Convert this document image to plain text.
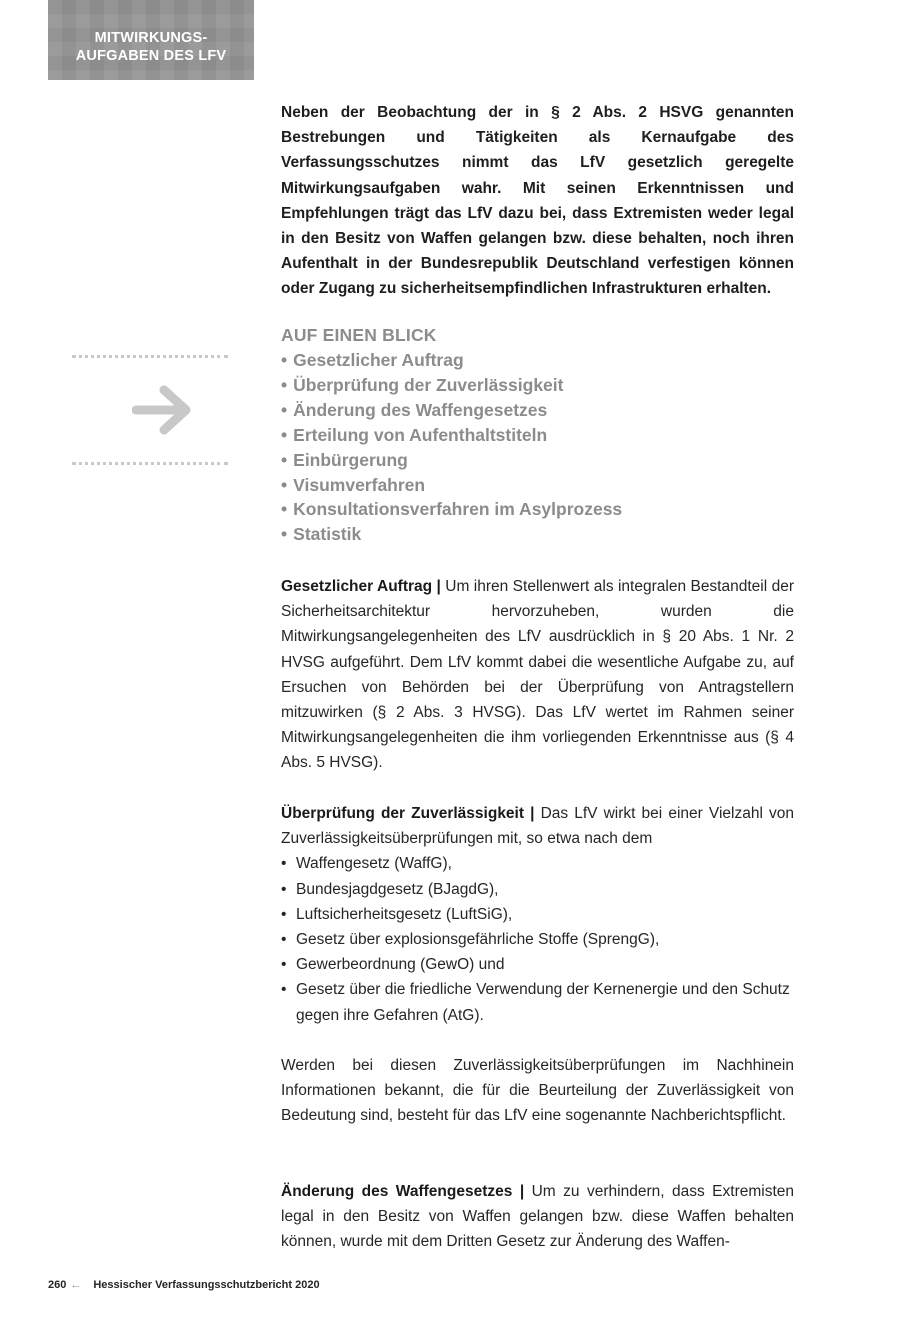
MITWIRKUNGS-
AUFGABEN DES LFV

Neben der Beobachtung der in § 2 Abs. 2 HSVG genannten Bestrebungen und Tätigkeiten als Kernaufgabe des Verfassungsschutzes nimmt das LfV gesetzlich geregelte Mitwirkungsaufgaben wahr. Mit seinen Erkenntnissen und Empfehlungen trägt das LfV dazu bei, dass Extremisten weder legal in den Besitz von Waffen gelangen bzw. diese behalten, noch ihren Aufenthalt in der Bundesrepublik Deutschland verfestigen können oder Zugang zu sicherheitsempfindlichen Infrastrukturen erhalten.

AUF EINEN BLICK
• Gesetzlicher Auftrag
• Überprüfung der Zuverlässigkeit
• Änderung des Waffengesetzes
• Erteilung von Aufenthaltstiteln
• Einbürgerung
• Visumverfahren
• Konsultationsverfahren im Asylprozess
• Statistik
Gesetzlicher Auftrag | Um ihren Stellenwert als integralen Bestandteil der Sicherheitsarchitektur hervorzuheben, wurden die Mitwirkungsangelegenheiten des LfV ausdrücklich in § 20 Abs. 1 Nr. 2 HVSG aufgeführt. Dem LfV kommt dabei die wesentliche Aufgabe zu, auf Ersuchen von Behörden bei der Überprüfung von Antragstellern mitzuwirken (§ 2 Abs. 3 HVSG). Das LfV wertet im Rahmen seiner Mitwirkungsangelegenheiten die ihm vorliegenden Erkenntnisse aus (§ 4 Abs. 5 HVSG).
Überprüfung der Zuverlässigkeit | Das LfV wirkt bei einer Vielzahl von Zuverlässigkeitsüberprüfungen mit, so etwa nach dem
• Waffengesetz (WaffG),
• Bundesjagdgesetz (BJagdG),
• Luftsicherheitsgesetz (LuftSiG),
• Gesetz über explosionsgefährliche Stoffe (SprengG),
• Gewerbeordnung (GewO) und
• Gesetz über die friedliche Verwendung der Kernenergie und den Schutz gegen ihre Gefahren (AtG).
Werden bei diesen Zuverlässigkeitsüberprüfungen im Nachhinein Informationen bekannt, die für die Beurteilung der Zuverlässigkeit von Bedeutung sind, besteht für das LfV eine sogenannte Nachberichtspflicht.
Änderung des Waffengesetzes | Um zu verhindern, dass Extremisten legal in den Besitz von Waffen gelangen bzw. diese Waffen behalten können, wurde mit dem Dritten Gesetz zur Änderung des Waffen-
260 ← Hessischer Verfassungsschutzbericht 2020
